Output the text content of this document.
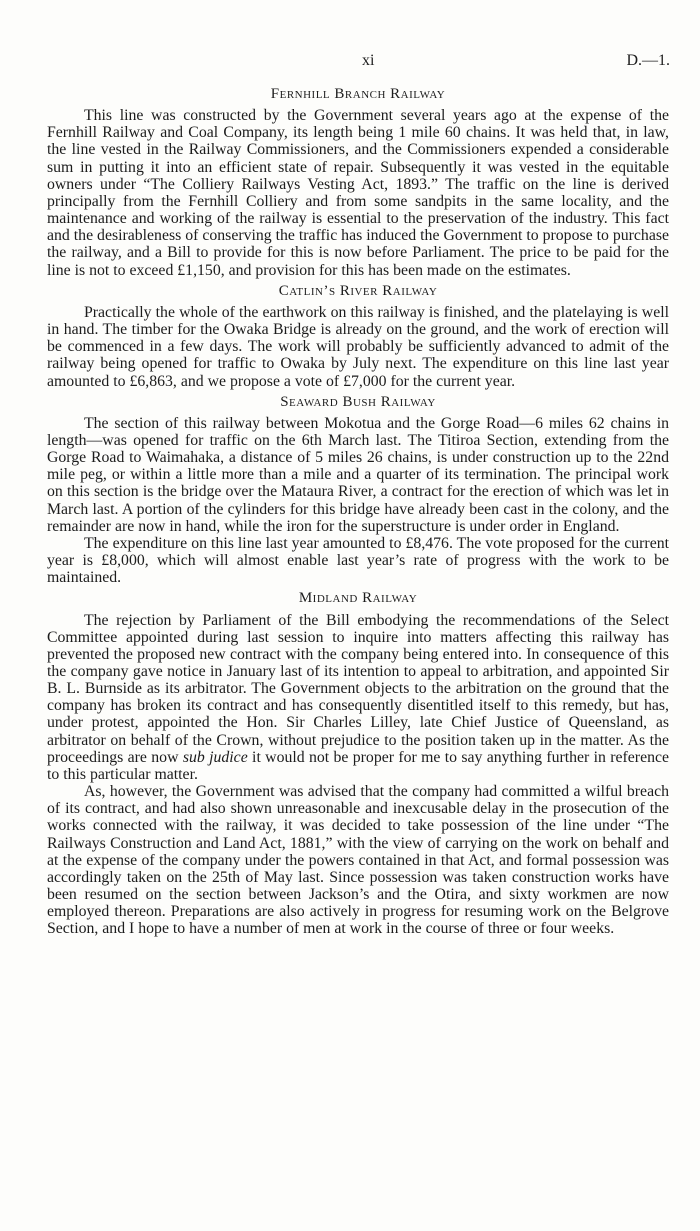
xi	D.—1.
Fernhill Branch Railway

This line was constructed by the Government several years ago at the expense of the Fernhill Railway and Coal Company, its length being 1 mile 60 chains. It was held that, in law, the line vested in the Railway Commissioners, and the Commissioners expended a considerable sum in putting it into an efficient state of repair. Subsequently it was vested in the equitable owners under “The Colliery Railways Vesting Act, 1893.” The traffic on the line is derived principally from the Fernhill Colliery and from some sandpits in the same locality, and the maintenance and working of the railway is essential to the preservation of the industry. This fact and the desirableness of conserving the traffic has induced the Government to propose to purchase the railway, and a Bill to provide for this is now before Parliament. The price to be paid for the line is not to exceed £1,150, and provision for this has been made on the estimates.

Catlin’s River Railway

Practically the whole of the earthwork on this railway is finished, and the platelaying is well in hand. The timber for the Owaka Bridge is already on the ground, and the work of erection will be commenced in a few days. The work will probably be sufficiently advanced to admit of the railway being opened for traffic to Owaka by July next. The expenditure on this line last year amounted to £6,863, and we propose a vote of £7,000 for the current year.

Seaward Bush Railway

The section of this railway between Mokotua and the Gorge Road—6 miles 62 chains in length—was opened for traffic on the 6th March last. The Titiroa Section, extending from the Gorge Road to Waimahaka, a distance of 5 miles 26 chains, is under construction up to the 22nd mile peg, or within a little more than a mile and a quarter of its termination. The principal work on this section is the bridge over the Mataura River, a contract for the erection of which was let in March last. A portion of the cylinders for this bridge have already been cast in the colony, and the remainder are now in hand, while the iron for the superstructure is under order in England.

The expenditure on this line last year amounted to £8,476. The vote proposed for the current year is £8,000, which will almost enable last year’s rate of progress with the work to be maintained.

Midland Railway

The rejection by Parliament of the Bill embodying the recommendations of the Select Committee appointed during last session to inquire into matters affecting this railway has prevented the proposed new contract with the company being entered into. In consequence of this the company gave notice in January last of its intention to appeal to arbitration, and appointed Sir B. L. Burnside as its arbitrator. The Government objects to the arbitration on the ground that the company has broken its contract and has consequently disentitled itself to this remedy, but has, under protest, appointed the Hon. Sir Charles Lilley, late Chief Justice of Queensland, as arbitrator on behalf of the Crown, without prejudice to the position taken up in the matter. As the proceedings are now sub judice it would not be proper for me to say anything further in reference to this particular matter.

As, however, the Government was advised that the company had committed a wilful breach of its contract, and had also shown unreasonable and inexcusable delay in the prosecution of the works connected with the railway, it was decided to take possession of the line under “The Railways Construction and Land Act, 1881,” with the view of carrying on the work on behalf and at the expense of the company under the powers contained in that Act, and formal possession was accordingly taken on the 25th of May last. Since possession was taken construction works have been resumed on the section between Jackson’s and the Otira, and sixty workmen are now employed thereon. Preparations are also actively in progress for resuming work on the Belgrove Section, and I hope to have a number of men at work in the course of three or four weeks.
